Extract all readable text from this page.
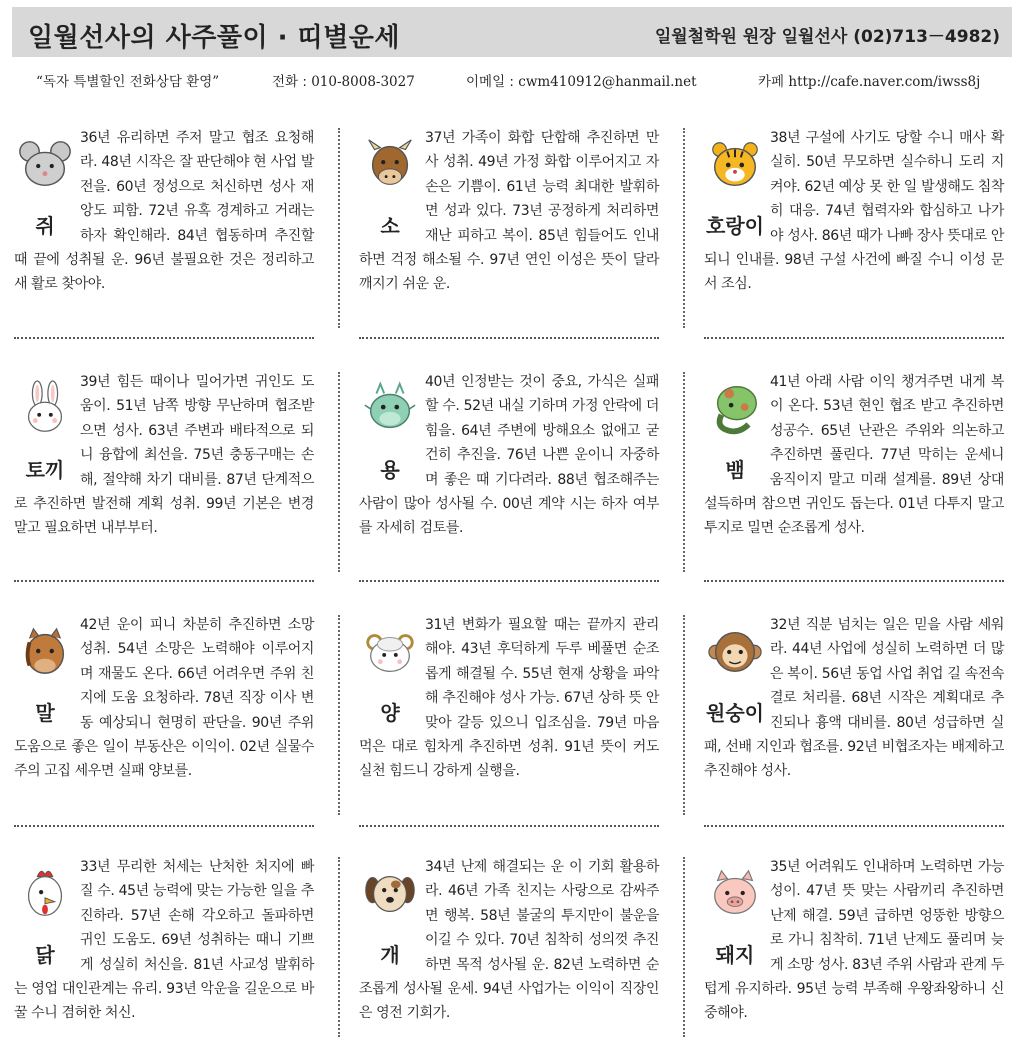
일월선사의 사주풀이 · 띠별운세	일월철학원 원장 일월선사 (02)713－4982)
“독자 특별할인 전화상담 환영”	전화 : 010-8008-3027	이메일 : cwm410912@hanmail.net	카페 http://cafe.naver.com/iwss8j
쥐

36년 유리하면 주저 말고 협조 요청해라. 48년 시작은 잘 판단해야 현 사업 발전을. 60년 정성으로 처신하면 성사 재앙도 피함. 72년 유혹 경계하고 거래는 하자 확인해라. 84년 협동하며 추진할 때 끝에 성취될 운. 96년 불필요한 것은 정리하고 새 활로 찾아야.

소

37년 가족이 화합 단합해 추진하면 만사 성취. 49년 가정 화합 이루어지고 자손은 기쁨이. 61년 능력 최대한 발휘하면 성과 있다. 73년 공정하게 처리하면 재난 피하고 복이. 85년 힘들어도 인내하면 걱정 해소될 수. 97년 연인 이성은 뜻이 달라 깨지기 쉬운 운.

호랑이

38년 구설에 사기도 당할 수니 매사 확실히. 50년 무모하면 실수하니 도리 지켜야. 62년 예상 못 한 일 발생해도 침착히 대응. 74년 협력자와 합심하고 나가야 성사. 86년 때가 나빠 장사 뜻대로 안 되니 인내를. 98년 구설 사건에 빠질 수니 이성 문서 조심.

토끼

39년 힘든 때이나 밀어가면 귀인도 도움이. 51년 남쪽 방향 무난하며 협조받으면 성사. 63년 주변과 배타적으로 되니 융합에 최선을. 75년 충동구매는 손해, 절약해 차기 대비를. 87년 단계적으로 추진하면 발전해 계획 성취. 99년 기본은 변경 말고 필요하면 내부부터.

용

40년 인정받는 것이 중요, 가식은 실패할 수. 52년 내실 기하며 가정 안락에 더 힘을. 64년 주변에 방해요소 없애고 굳건히 추진을. 76년 나쁜 운이니 자중하며 좋은 때 기다려라. 88년 협조해주는 사람이 많아 성사될 수. 00년 계약 시는 하자 여부를 자세히 검토를.

뱀

41년 아래 사람 이익 챙겨주면 내게 복이 온다. 53년 현인 협조 받고 추진하면 성공수. 65년 난관은 주위와 의논하고 추진하면 풀린다. 77년 막히는 운세니 움직이지 말고 미래 설계를. 89년 상대 설득하며 참으면 귀인도 돕는다. 01년 다투지 말고 투지로 밀면 순조롭게 성사.

말

42년 운이 피니 차분히 추진하면 소망 성취. 54년 소망은 노력해야 이루어지며 재물도 온다. 66년 어려우면 주위 친지에 도움 요청하라. 78년 직장 이사 변동 예상되니 현명히 판단을. 90년 주위도움으로 좋은 일이 부동산은 이익이. 02년 실물수 주의 고집 세우면 실패 양보를.

양

31년 변화가 필요할 때는 끝까지 관리해야. 43년 후덕하게 두루 베풀면 순조롭게 해결될 수. 55년 현재 상황을 파악해 추진해야 성사 가능. 67년 상하 뜻 안 맞아 갈등 있으니 입조심을. 79년 마음먹은 대로 힘차게 추진하면 성취. 91년 뜻이 커도 실천 힘드니 강하게 실행을.

원숭이

32년 직분 넘치는 일은 믿을 사람 세워라. 44년 사업에 성실히 노력하면 더 많은 복이. 56년 동업 사업 취업 길 속전속결로 처리를. 68년 시작은 계획대로 추진되나 흉액 대비를. 80년 성급하면 실패, 선배 지인과 협조를. 92년 비협조자는 배제하고 추진해야 성사.

닭

33년 무리한 처세는 난처한 처지에 빠질 수. 45년 능력에 맞는 가능한 일을 추진하라. 57년 손해 각오하고 돌파하면 귀인 도움도. 69년 성취하는 때니 기쁘게 성실히 처신을. 81년 사교성 발휘하는 영업 대인관계는 유리. 93년 악운을 길운으로 바꿀 수니 겸허한 처신.

개

34년 난제 해결되는 운 이 기회 활용하라. 46년 가족 친지는 사랑으로 감싸주면 행복. 58년 불굴의 투지만이 불운을 이길 수 있다. 70년 침착히 성의껏 추진하면 목적 성사될 운. 82년 노력하면 순조롭게 성사될 운세. 94년 사업가는 이익이 직장인은 영전 기회가.

돼지

35년 어려워도 인내하며 노력하면 가능성이. 47년 뜻 맞는 사람끼리 추진하면 난제 해결. 59년 급하면 엉뚱한 방향으로 가니 침착히. 71년 난제도 풀리며 늦게 소망 성사. 83년 주위 사람과 관계 두텁게 유지하라. 95년 능력 부족해 우왕좌왕하니 신중해야.
